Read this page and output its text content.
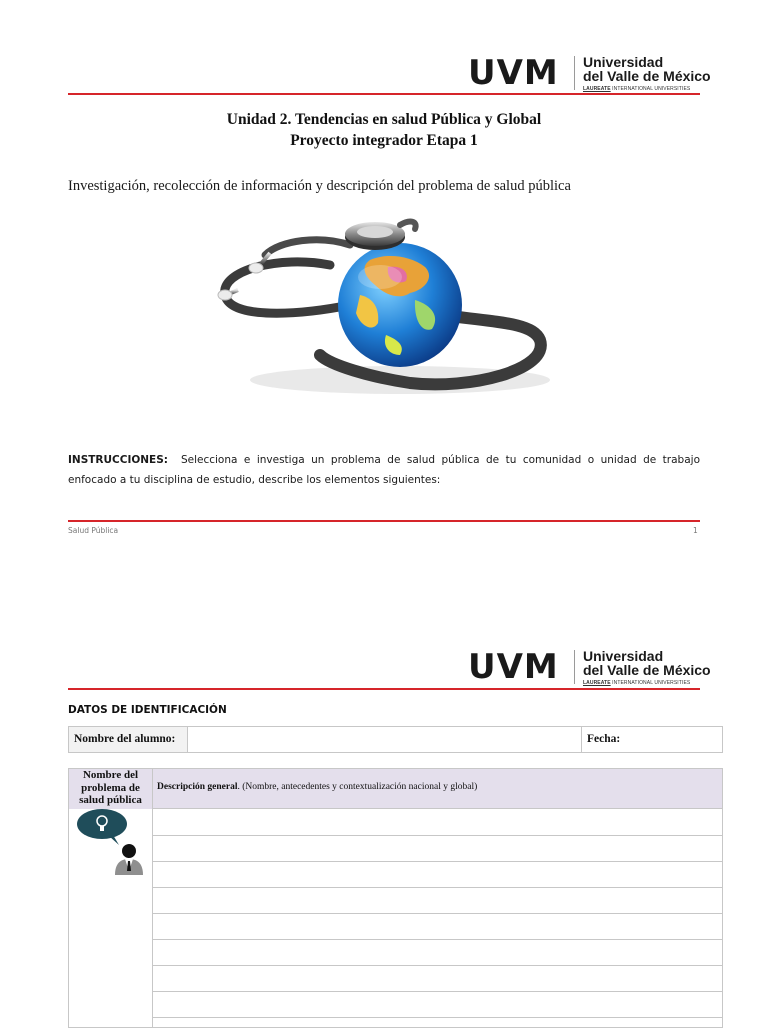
UVM Universidad
del Valle de México
LAUREATE INTERNATIONAL UNIVERSITIES
Unidad 2. Tendencias en salud Pública y Global
Proyecto integrador Etapa 1
Investigación, recolección de información y descripción del problema de salud pública
INSTRUCCIONES: Selecciona e investiga un problema de salud pública de tu comunidad o unidad de trabajo enfocado a tu disciplina de estudio, describe los elementos siguientes:
Salud Pública	1
UVM Universidad
del Valle de México
LAUREATE INTERNATIONAL UNIVERSITIES
DATOS DE IDENTIFICACIÓN
Nombre del alumno:	Fecha:
Nombre del problema de salud pública
Descripción general. (Nombre, antecedentes y contextualización nacional y global)
